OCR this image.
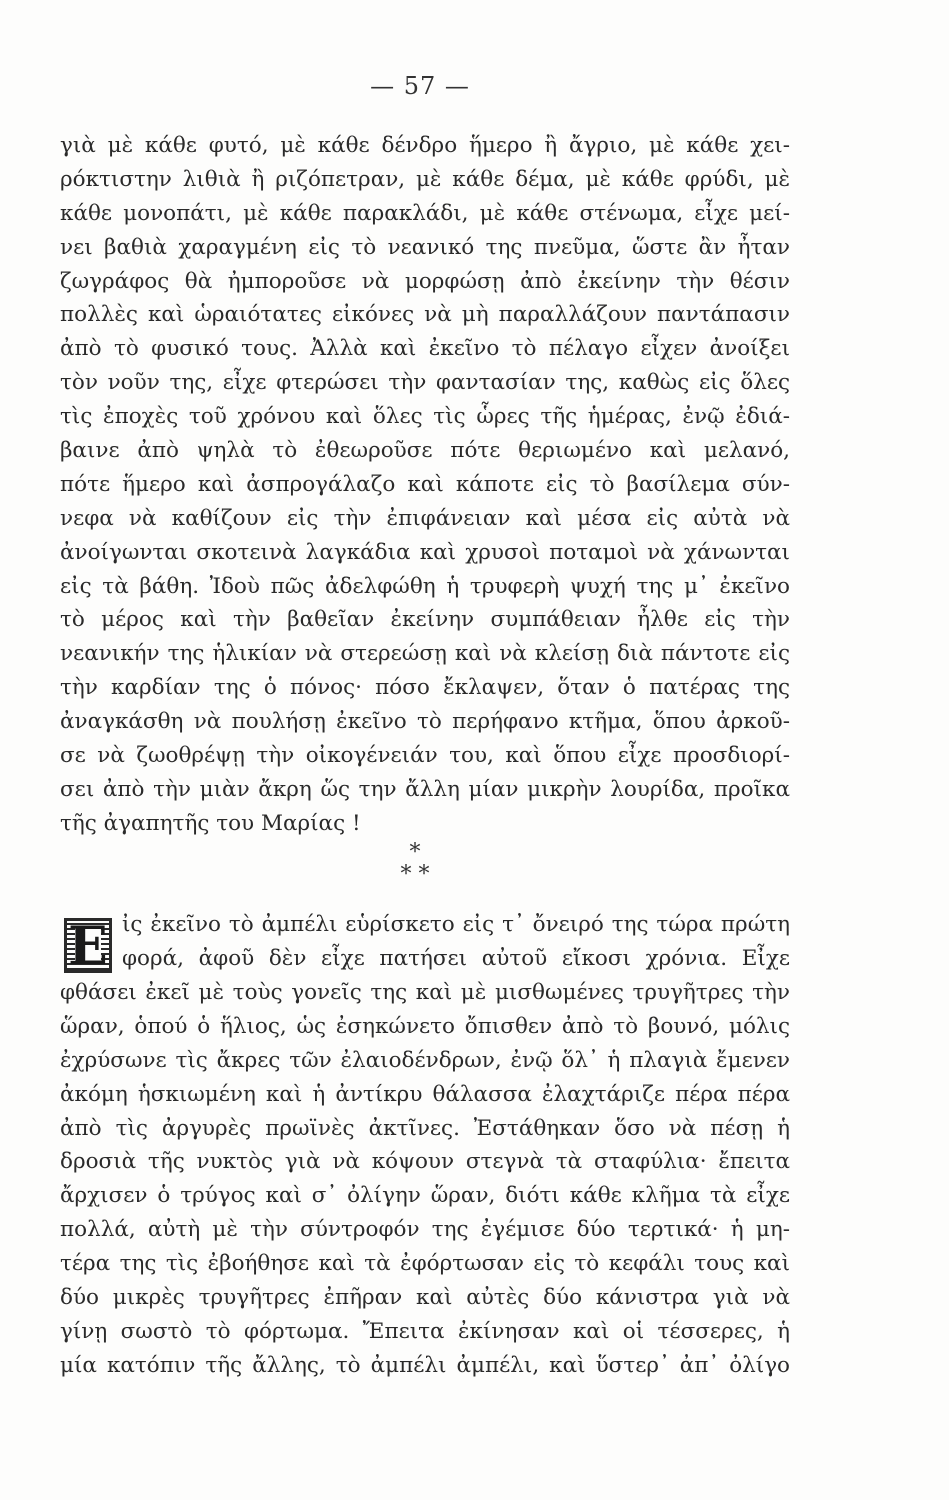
— 57 —
γιὰ μὲ κάθε φυτό, μὲ κάθε δένδρο ἥμερο ἢ ἄγριο, μὲ κάθε χει-
ρόκτιστην λιθιὰ ἢ ριζόπετραν, μὲ κάθε δέμα, μὲ κάθε φρύδι, μὲ
κάθε μονοπάτι, μὲ κάθε παρακλάδι, μὲ κάθε στένωμα, εἶχε μεί-
νει βαθιὰ χαραγμένη εἰς τὸ νεανικό της πνεῦμα, ὥστε ἂν ἦταν
ζωγράφος θὰ ἠμποροῦσε νὰ μορφώσῃ ἀπὸ ἐκείνην τὴν θέσιν
πολλὲς καὶ ὡραιότατες εἰκόνες νὰ μὴ παραλλάζουν παντάπασιν
ἀπὸ τὸ φυσικό τους. Ἀλλὰ καὶ ἐκεῖνο τὸ πέλαγο εἶχεν ἀνοίξει
τὸν νοῦν της, εἶχε φτερώσει τὴν φαντασίαν της, καθὼς εἰς ὅλες
τὶς ἐποχὲς τοῦ χρόνου καὶ ὅλες τὶς ὧρες τῆς ἡμέρας, ἐνῷ ἐδιά-
βαινε ἀπὸ ψηλὰ τὸ ἐθεωροῦσε πότε θεριωμένο καὶ μελανό,
πότε ἥμερο καὶ ἀσπρογάλαζο καὶ κάποτε εἰς τὸ βασίλεμα σύν-
νεφα νὰ καθίζουν εἰς τὴν ἐπιφάνειαν καὶ μέσα εἰς αὐτὰ νὰ
ἀνοίγωνται σκοτεινὰ λαγκάδια καὶ χρυσοὶ ποταμοὶ νὰ χάνωνται
εἰς τὰ βάθη. Ἰδοὺ πῶς ἀδελφώθη ἡ τρυφερὴ ψυχή της μ᾽ ἐκεῖνο
τὸ μέρος καὶ τὴν βαθεῖαν ἐκείνην συμπάθειαν ἦλθε εἰς τὴν
νεανικήν της ἡλικίαν νὰ στερεώσῃ καὶ νὰ κλείσῃ διὰ πάντοτε εἰς
τὴν καρδίαν της ὁ πόνος· πόσο ἔκλαψεν, ὅταν ὁ πατέρας της
ἀναγκάσθη νὰ πουλήσῃ ἐκεῖνο τὸ περήφανο κτῆμα, ὅπου ἀρκοῦ-
σε νὰ ζωοθρέψῃ τὴν οἰκογένειάν του, καὶ ὅπου εἶχε προσδιορί-
σει ἀπὸ τὴν μιὰν ἄκρη ὥς την ἄλλη μίαν μικρὴν λουρίδα, προῖκα
τῆς ἀγαπητῆς του Μαρίας !
*
* *
Ε ἰς ἐκεῖνο τὸ ἀμπέλι εὑρίσκετο εἰς τ᾽ ὄνειρό της τώρα πρώτη
φορά, ἀφοῦ δὲν εἶχε πατήσει αὐτοῦ εἴκοσι χρόνια. Εἶχε
φθάσει ἐκεῖ μὲ τοὺς γονεῖς της καὶ μὲ μισθωμένες τρυγῆτρες τὴν
ὥραν, ὁπού ὁ ἥλιος, ὡς ἐσηκώνετο ὄπισθεν ἀπὸ τὸ βουνό, μόλις
ἐχρύσωνε τὶς ἄκρες τῶν ἐλαιοδένδρων, ἐνῷ ὅλ᾽ ἡ πλαγιὰ ἔμενεν
ἀκόμη ἡσκιωμένη καὶ ἡ ἀντίκρυ θάλασσα ἐλαχτάριζε πέρα πέρα
ἀπὸ τὶς ἀργυρὲς πρωϊνὲς ἀκτῖνες. Ἐστάθηκαν ὅσο νὰ πέσῃ ἡ
δροσιὰ τῆς νυκτὸς γιὰ νὰ κόψουν στεγνὰ τὰ σταφύλια· ἔπειτα
ἄρχισεν ὁ τρύγος καὶ σ᾽ ὀλίγην ὥραν, διότι κάθε κλῆμα τὰ εἶχε
πολλά, αὐτὴ μὲ τὴν σύντροφόν της ἐγέμισε δύο τερτικά· ἡ μη-
τέρα της τὶς ἐβοήθησε καὶ τὰ ἐφόρτωσαν εἰς τὸ κεφάλι τους καὶ
δύο μικρὲς τρυγῆτρες ἐπῆραν καὶ αὐτὲς δύο κάνιστρα γιὰ νὰ
γίνῃ σωστὸ τὸ φόρτωμα. Ἔπειτα ἐκίνησαν καὶ οἱ τέσσερες, ἡ
μία κατόπιν τῆς ἄλλης, τὸ ἀμπέλι ἀμπέλι, καὶ ὕστερ᾽ ἀπ᾽ ὀλίγο
